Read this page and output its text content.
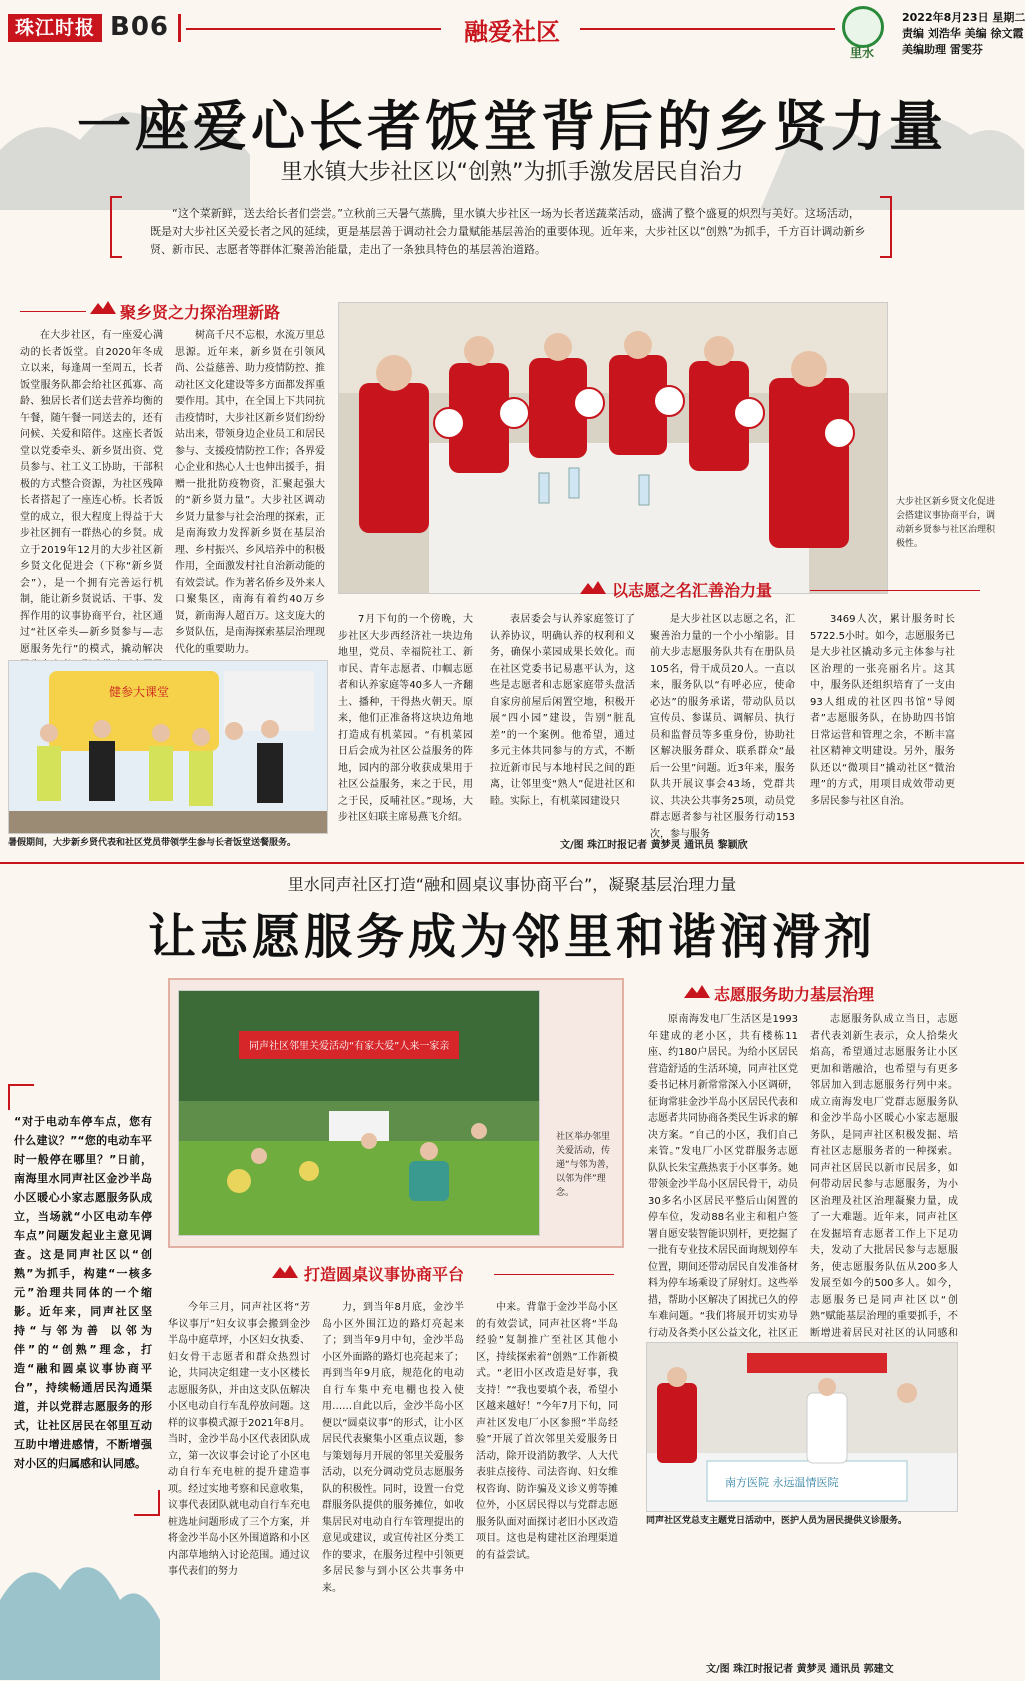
珠江时报 B06	融爱社区
里水
2022年8月23日 星期二
责编 刘浩华 美编 徐文霞
美编助理 雷雯芬
一座爱心长者饭堂背后的乡贤力量
里水镇大步社区以“创熟”为抓手激发居民自治力
“这个菜新鲜，送去给长者们尝尝。”立秋前三天暑气蒸腾，里水镇大步社区一场为长者送蔬菜活动，盛满了整个盛夏的炽烈与美好。这场活动，既是对大步社区关爱长者之风的延续，更是基层善于调动社会力量赋能基层善治的重要体现。近年来，大步社区以“创熟”为抓手，千方百计调动新乡贤、新市民、志愿者等群体汇聚善治能量，走出了一条独具特色的基层善治道路。
聚乡贤之力探治理新路

在大步社区，有一座爱心满动的长者饭堂。自2020年冬成立以来，每逢周一至周五，长者饭堂服务队都会给社区孤寡、高龄、独居长者们送去营养均衡的午餐，随午餐一同送去的，还有问候、关爱和陪伴。这座长者饭堂以党委牵头、新乡贤出资、党员参与、社工义工协助，干部积极的方式整合资源，为社区残障长者搭起了一座连心桥。长者饭堂的成立，很大程度上得益于大步社区拥有一群热心的乡贤。成立于2019年12月的大步社区新乡贤文化促进会（下称“新乡贤会”），是一个拥有完善运行机制，能让新乡贤说话、干事、发挥作用的议事协商平台，社区通过“社区牵头—新乡贤参与—志愿服务先行”的模式，撬动解决

树高千尺不忘根，水流万里总思源。近年来，新乡贤在引领风尚、公益慈善、助力疫情防控、推动社区文化建设等多方面都发挥重要作用。其中，在全国上下共同抗击疫情时，大步社区新乡贤们纷纷站出来，带领身边企业员工和居民参与、支援疫情防控工作；各界爱心企业和热心人士也伸出援手，捐赠一批批防疫物资，汇聚起强大的“新乡贤力量”。大步社区调动乡贤力量参与社会治理的探索，正是南海致力发挥新乡贤在基层治理、乡村振兴、乡风培养中的积极作用，全面激发村社自治新动能的有效尝试。作为著名侨乡及外来人口聚集区，南海有着约40万乡贤，新南海人超百万。这支庞大的乡贤队伍，是南海探索基层治理现代化的重要助力。

大步社区新乡贤文化促进会搭建议事协商平台，调动新乡贤参与社区治理积极性。
以志愿之名汇善治力量
健参大课堂
暑假期间，大步新乡贤代表和社区党员带领学生参与长者饭堂送餐服务。

7月下旬的一个傍晚，大步社区大步西经济社一块边角地里，党员、幸福院社工、新市民、青年志愿者、巾帼志愿者和认养家庭等40多人一齐翻土、播种，干得热火朝天。原来，他们正准备将这块边角地打造成有机菜园。“有机菜园日后会成为社区公益服务的阵地，园内的部分收获成果用于社区公益服务，来之于民，用之于民，反哺社区。”现场，大步社区妇联主席易燕飞介绍。

表居委会与认养家庭签订了认养协议，明确认养的权利和义务，确保小菜园成果长效化。而在社区党委书记易惠平认为，这些是志愿者和志愿家庭带头盘活自家房前屋后闲置空地，积极开展“四小园”建设，告别“脏乱差”的一个案例。他希望，通过多元主体共同参与的方式，不断拉近新市民与本地村民之间的距离，让邻里变“熟人”促进社区和睦。实际上，有机菜园建设只

是大步社区以志愿之名，汇聚善治力量的一个小小缩影。目前大步志愿服务队共有在册队员105名，骨干成员20人。一直以来，服务队以“有呼必应，使命必达”的服务承诺，带动队员以宣传员、参谋员、调解员、执行员和监督员等多重身份，协助社区解决服务群众、联系群众“最后一公里”问题。近3年来，服务队共开展议事会43场，党群共议、共决公共事务25项，动员党群志愿者参与社区服务行动153次，参与服务

3469人次，累计服务时长5722.5小时。如今，志愿服务已是大步社区撬动多元主体参与社区治理的一张亮丽名片。这其中，服务队还组织培育了一支由93人组成的社区四书馆“导阅者”志愿服务队，在协助四书馆日常运营和管理之余，不断丰富社区精神文明建设。另外，服务队还以“微项目”撬动社区“微治理”的方式，用项目成效带动更多居民参与社区自治。

文/图 珠江时报记者 黄梦灵 通讯员 黎颖欣
里水同声社区打造“融和圆桌议事协商平台”，凝聚基层治理力量
让志愿服务成为邻里和谐润滑剂
“对于电动车停车点，您有什么建议？”“您的电动车平时一般停在哪里？”日前，南海里水同声社区金沙半岛小区暖心小家志愿服务队成立，当场就“小区电动车停车点”问题发起业主意见调查。这是同声社区以“创熟”为抓手，构建“一核多元”治理共同体的一个缩影。近年来，同声社区坚持“与邻为善 以邻为伴”的“创熟”理念，打造“融和圆桌议事协商平台”，持续畅通居民沟通渠道，并以党群志愿服务的形式，让社区居民在邻里互动互助中增进感情，不断增强对小区的归属感和认同感。
同声社区邻里关爱活动“有家大爱”人来一家亲
社区举办邻里关爱活动，传递“与邻为善，以邻为伴”理念。
志愿服务助力基层治理
打造圆桌议事协商平台

今年三月，同声社区将“芳华议事厅”妇女议事会搬到金沙半岛中庭草坪，小区妇女执委、妇女骨干志愿者和群众热烈讨论，共同决定组建一支小区楼长志愿服务队，并由这支队伍解决小区电动自行车乱停放问题。这样的议事模式源于2021年8月。当时，金沙半岛小区代表团队成立，第一次议事会讨论了小区电动自行车充电桩的提升建造事项。经过实地考察和民意收集，议事代表团队就电动自行车充电桩选址问题形成了三个方案，并将金沙半岛小区外围道路和小区内部草地纳入讨论范围。通过议事代表们的努力

力，到当年8月底，金沙半岛小区外围江边的路灯亮起来了；到当年9月中旬，金沙半岛小区外面路的路灯也亮起来了；再到当年9月底，规范化的电动自行车集中充电棚也投入使用……自此以后，金沙半岛小区便以“圆桌议事”的形式，让小区居民代表聚集小区重点议题，参与策划每月开展的邻里关爱服务活动，以充分调动党员志愿服务队的积极性。同时，设置一台党群服务队提供的服务摊位，如收集居民对电动自行车管理提出的意见或建议，或宣传社区分类工作的要求，在服务过程中引领更多居民参与到小区公共事务中来。

中来。背靠于金沙半岛小区的有效尝试，同声社区将“半岛经验”复制推广至社区其他小区，持续探索着“创熟”工作新模式。“老旧小区改造是好事，我支持！”“我也要填个表，希望小区越来越好！”今年7月下旬，同声社区发电厂小区参照“半岛经验”开展了首次邻里关爱服务日活动，除开设消防教学、人大代表驻点接待、司法咨询、妇女维权咨询、防诈骗及义诊义剪等摊位外，小区居民得以与党群志愿服务队面对面探讨老旧小区改造项目。这也是构建社区治理渠道的有益尝试。

原南海发电厂生活区是1993年建成的老小区，共有楼栋11座、约180户居民。为给小区居民营造舒适的生活环境，同声社区党委书记林月新常常深入小区调研，征询常驻金沙半岛小区居民代表和志愿者共同协商各类民生诉求的解决方案。“自己的小区，我们自己来管。”发电厂小区党群服务志愿队队长朱宝燕热衷于小区事务。她带领金沙半岛小区居民骨干，动员30多名小区居民平整后山闲置的停车位，发动88名业主和租户签署自愿安装智能识别杆，更挖掘了一批有专业技术居民面询规划停车位置，期间还带动居民自发准备材料为停车场乘设了屏射灯。这些举措，帮助小区解决了困扰已久的停车难问题。“我们将展开切实劝导行动及各类小区公益文化，社区正

志愿服务队成立当日，志愿者代表刘新生表示，众人拾柴火焰高，希望通过志愿服务让小区更加和谐融洽，也希望与有更多邻居加入到志愿服务行列中来。成立南海发电厂党群志愿服务队和金沙半岛小区暖心小家志愿服务队，是同声社区积极发掘、培育社区志愿服务者的一种探索。同声社区居民以新市民居多，如何带动居民参与志愿服务，为小区治理及社区治理凝聚力量，成了一大难题。近年来，同声社区在发掘培育志愿者工作上下足功夫，发动了大批居民参与志愿服务，使志愿服务队伍从200多人发展至如今的500多人。如今，志愿服务已是同声社区以“创熟”赋能基层治理的重要抓手，不断增进着居民对社区的认同感和

南方医院 永远温情医院
同声社区党总支主题党日活动中，医护人员为居民提供义诊服务。
文/图 珠江时报记者 黄梦灵 通讯员 郭建文
